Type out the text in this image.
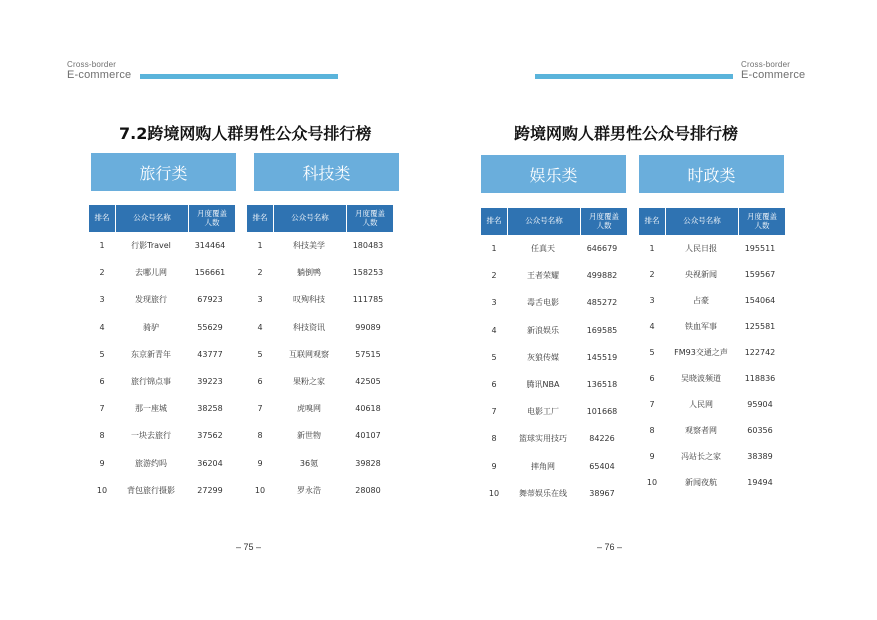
Cross-border
E-commerce
Cross-border
E-commerce
7.2跨境网购人群男性公众号排行榜	跨境网购人群男性公众号排行榜
旅行类	科技类	娱乐类	时政类
排名	公众号名称	月度覆盖
人数
1	行影Travel	314464
2	去哪儿网	156661
3	发现旅行	67923
4	骑驴	55629
5	东京新青年	43777
6	旅行锦点事	39223
7	那一座城	38258
8	一块去旅行	37562
9	旅游约吗	36204
10	背包旅行摄影	27299
排名	公众号名称	月度覆盖
人数
1	科技美学	180483
2	躺倒鸭	158253
3	叹殉科技	111785
4	科技资讯	99089
5	互联网观察	57515
6	果粉之家	42505
7	虎嗅网	40618
8	新世物	40107
9	36氪	39828
10	罗永浩	28080
排名	公众号名称	月度覆盖
人数
1	任真天	646679
2	王者荣耀	499882
3	毒舌电影	485272
4	新浪娱乐	169585
5	灰狼传媒	145519
6	腾讯NBA	136518
7	电影工厂	101668
8	篮球实用技巧	84226
9	摔角网	65404
10	舞蒂娱乐在线	38967
排名	公众号名称	月度覆盖
人数
1	人民日报	195511
2	央视新闻	159567
3	占豪	154064
4	铁血军事	125581
5	FM93交通之声	122742
6	吴晓波频道	118836
7	人民网	95904
8	观察者网	60356
9	冯站长之家	38389
10	新闻夜航	19494
– 75 –	– 76 –
